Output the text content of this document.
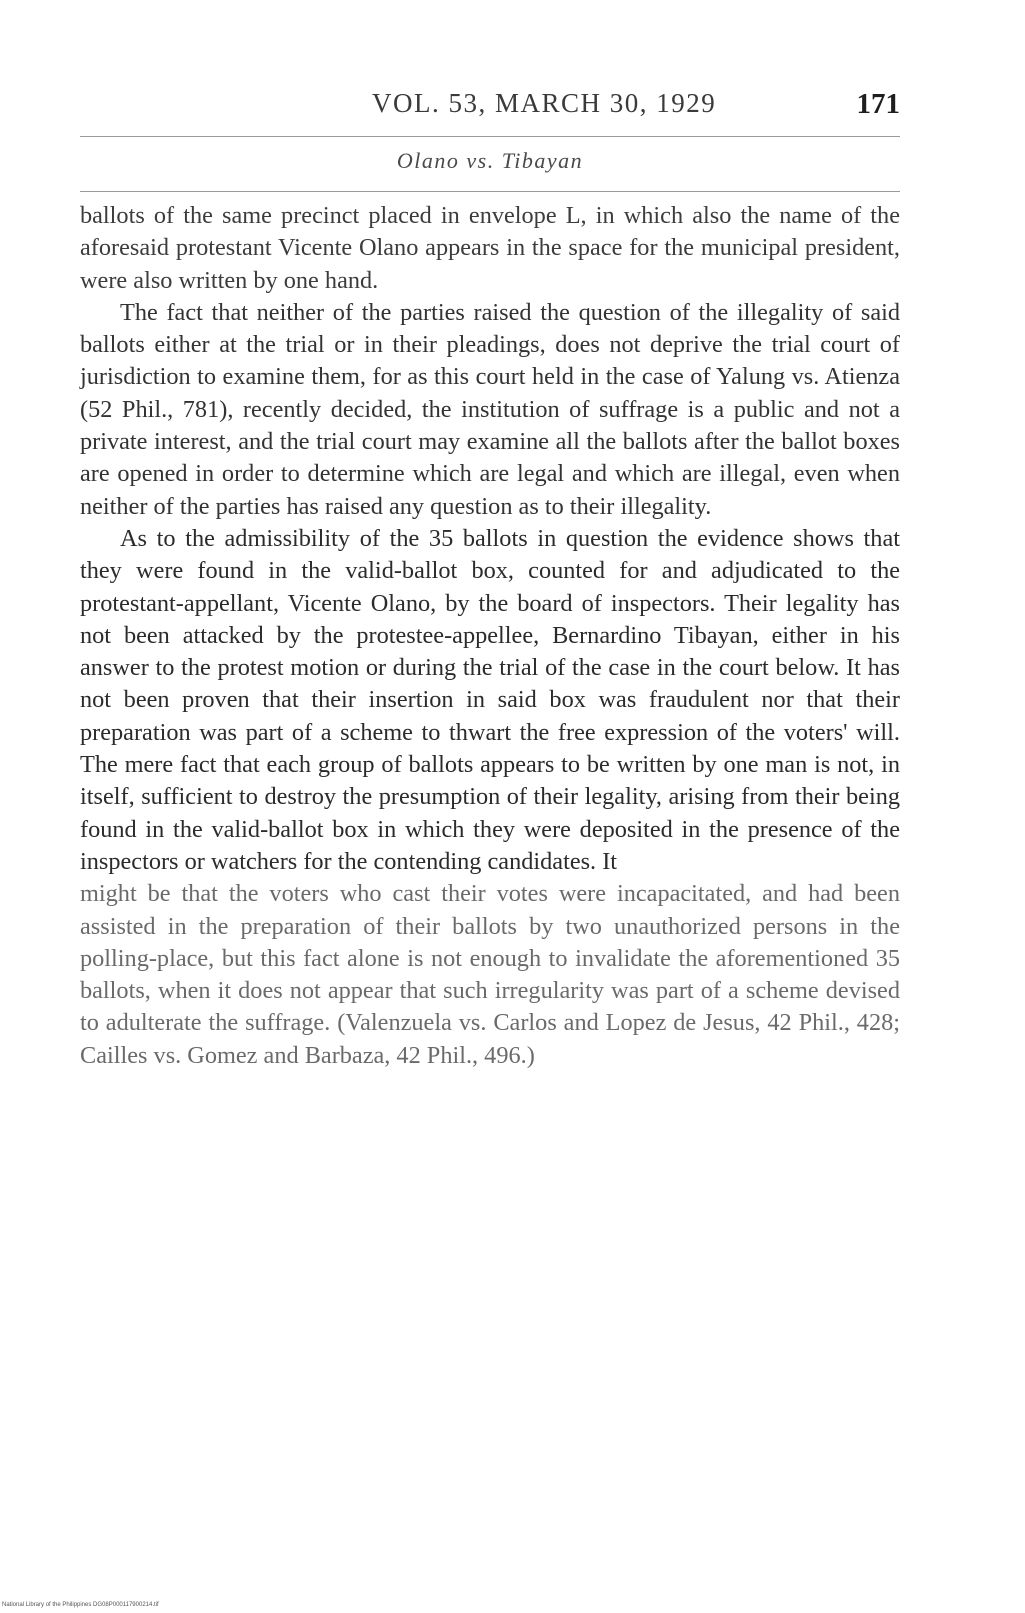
VOL. 53, MARCH 30, 1929	171
Olano vs. Tibayan

ballots of the same precinct placed in envelope L, in which also the name of the aforesaid protestant Vicente Olano appears in the space for the municipal president, were also written by one hand.

The fact that neither of the parties raised the question of the illegality of said ballots either at the trial or in their pleadings, does not deprive the trial court of jurisdiction to examine them, for as this court held in the case of Yalung vs. Atienza (52 Phil., 781), recently decided, the institution of suffrage is a public and not a private interest, and the trial court may examine all the ballots after the ballot boxes are opened in order to determine which are legal and which are illegal, even when neither of the parties has raised any question as to their illegality.

As to the admissibility of the 35 ballots in question the evidence shows that they were found in the valid-ballot box, counted for and adjudicated to the protestant-appellant, Vicente Olano, by the board of inspectors. Their legality has not been attacked by the protestee-appellee, Bernardino Tibayan, either in his answer to the protest motion or during the trial of the case in the court below. It has not been proven that their insertion in said box was fraudulent nor that their preparation was part of a scheme to thwart the free expression of the voters' will. The mere fact that each group of ballots appears to be written by one man is not, in itself, sufficient to destroy the presumption of their legality, arising from their being found in the valid-ballot box in which they were deposited in the presence of the inspectors or watchers for the contending candidates. It

might be that the voters who cast their votes were incapacitated, and had been assisted in the preparation of their ballots by two unauthorized persons in the polling-place, but this fact alone is not enough to invalidate the aforementioned 35 ballots, when it does not appear that such irregularity was part of a scheme devised to adulterate the suffrage. (Valenzuela vs. Carlos and Lopez de Jesus, 42 Phil., 428; Cailles vs. Gomez and Barbaza, 42 Phil., 496.)

National Library of the Philippines DG08P000117900214.tif
